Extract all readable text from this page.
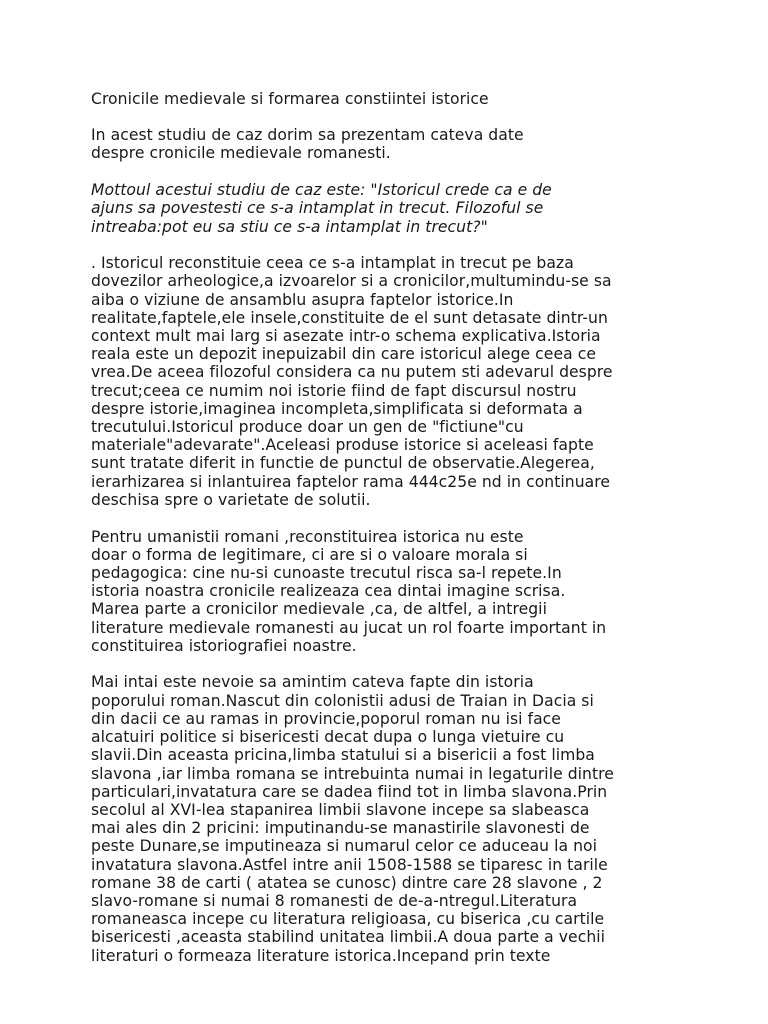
Cronicile medievale si formarea constiintei istorice
In acest studiu de caz dorim sa prezentam cateva date
despre cronicile medievale romanesti.
Mottoul acestui studiu de caz este: "Istoricul crede ca e de
ajuns sa povestesti ce s-a intamplat in trecut. Filozoful se
intreaba:pot eu sa stiu ce s-a intamplat in trecut?"
. Istoricul reconstituie ceea ce s-a intamplat in trecut pe baza
dovezilor arheologice,a izvoarelor si a cronicilor,multumindu-se sa
aiba o viziune de ansamblu asupra faptelor istorice.In
realitate,faptele,ele insele,constituite de el sunt detasate dintr-un
context mult mai larg si asezate intr-o schema explicativa.Istoria
reala este un depozit inepuizabil din care istoricul alege ceea ce
vrea.De aceea filozoful considera ca nu putem sti adevarul despre
trecut;ceea ce numim noi istorie fiind de fapt discursul nostru
despre istorie,imaginea incompleta,simplificata si deformata a
trecutului.Istoricul produce doar un gen de "fictiune"cu
materiale"adevarate".Aceleasi produse istorice si aceleasi fapte
sunt tratate diferit in functie de punctul de observatie.Alegerea,
ierarhizarea si inlantuirea faptelor rama 444c25e nd in continuare
deschisa spre o varietate de solutii.
Pentru umanistii romani ,reconstituirea istorica nu este
doar o forma de legitimare, ci are si o valoare morala si
pedagogica: cine nu-si cunoaste trecutul risca sa-l repete.In
istoria noastra cronicile realizeaza cea dintai imagine scrisa.
Marea parte a cronicilor medievale ,ca, de altfel, a intregii
literature medievale romanesti au jucat un rol foarte important in
constituirea istoriografiei noastre.
Mai intai este nevoie sa amintim cateva fapte din istoria
poporului roman.Nascut din colonistii adusi de Traian in Dacia si
din dacii ce au ramas in provincie,poporul roman nu isi face
alcatuiri politice si bisericesti decat dupa o lunga vietuire cu
slavii.Din aceasta pricina,limba statului si a bisericii a fost limba
slavona ,iar limba romana se intrebuinta numai in legaturile dintre
particulari,invatatura care se dadea fiind tot in limba slavona.Prin
secolul al XVI-lea stapanirea limbii slavone incepe sa slabeasca
mai ales din 2 pricini: imputinandu-se manastirile slavonesti de
peste Dunare,se imputineaza si numarul celor ce aduceau la noi
invatatura slavona.Astfel intre anii 1508-1588 se tiparesc in tarile
romane 38 de carti ( atatea se cunosc) dintre care 28 slavone , 2
slavo-romane si numai 8 romanesti de de-a-ntregul.Literatura
romaneasca incepe cu literatura religioasa, cu biserica ,cu cartile
bisericesti ,aceasta stabilind unitatea limbii.A doua parte a vechii
literaturi o formeaza literature istorica.Incepand prin texte
